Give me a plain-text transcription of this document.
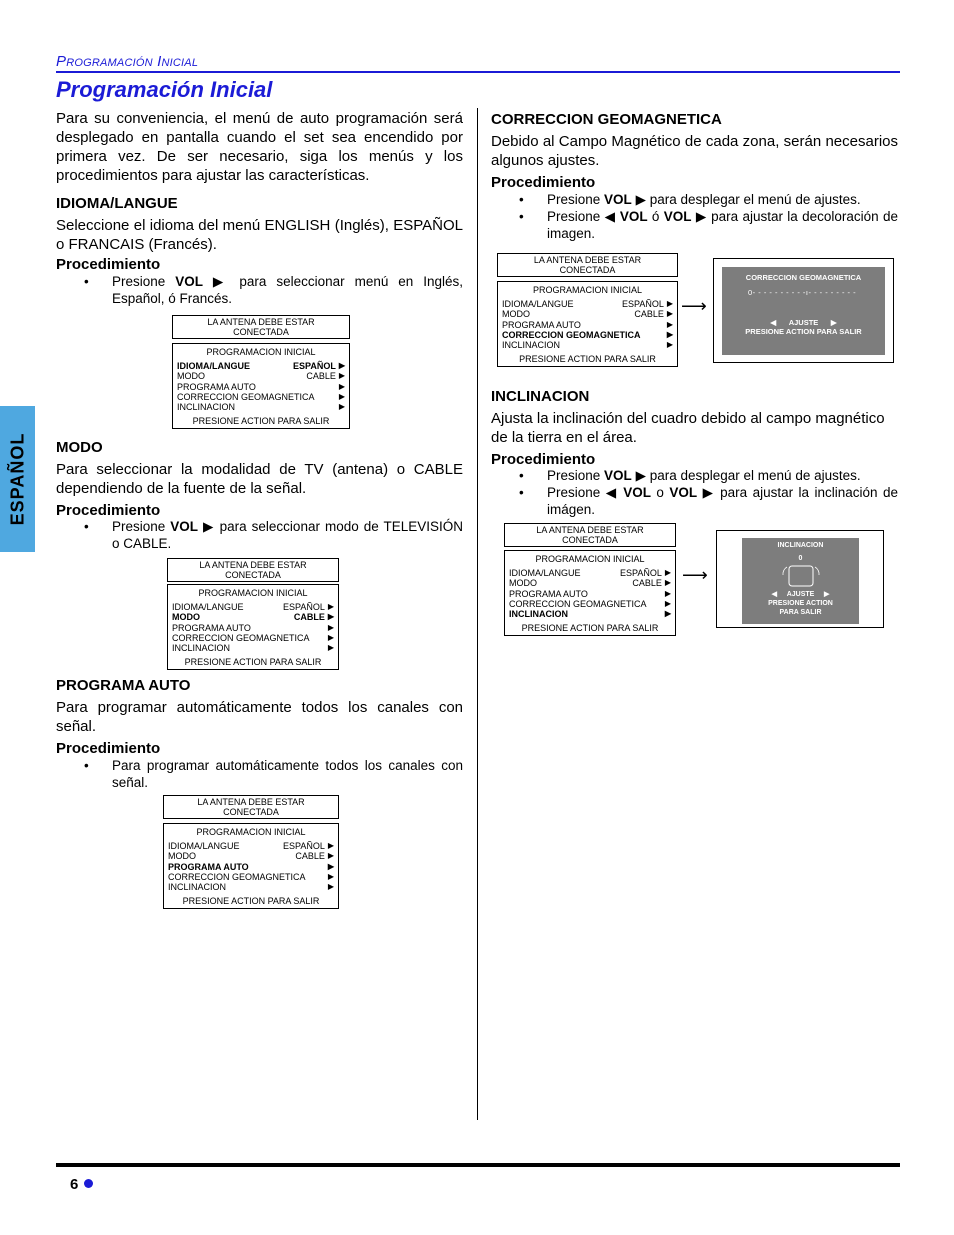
Programación Inicial
Programación Inicial
ESPAÑOL

Para su conveniencia, el menú de auto programación será desplegado en pantalla cuando el set sea encendido por primera vez. De ser necesario, siga los menús y los procedimientos para ajustar las características.

IDIOMA/LANGUE

Seleccione el idioma del menú ENGLISH (Inglés), ESPAÑOL o FRANCAIS (Francés).

Procedimiento
• Presione VOL ▶ para seleccionar menú en Inglés, Español, ó Francés.
LA ANTENA DEBE ESTAR
CONECTADA
PROGRAMACION INICIAL
IDIOMA/LANGUE	ESPAÑOL ▶
MODO	CABLE ▶
PROGRAMA AUTO	▶
CORRECCION GEOMAGNETICA	▶
INCLINACION	▶
PRESIONE ACTION PARA SALIR
MODO

Para seleccionar la modalidad de TV (antena) o CABLE dependiendo de la fuente de la señal.

Procedimiento
• Presione VOL ▶ para seleccionar modo de TELEVISIÓN o CABLE.
LA ANTENA DEBE ESTAR
CONECTADA
PROGRAMACION INICIAL
IDIOMA/LANGUE	ESPAÑOL ▶
MODO	CABLE ▶
PROGRAMA AUTO	▶
CORRECCION GEOMAGNETICA ▶
INCLINACION	▶
PRESIONE ACTION PARA SALIR
PROGRAMA AUTO

Para programar automáticamente todos los canales con señal.

Procedimiento
• Para programar automáticamente todos los canales con señal.
LA ANTENA DEBE ESTAR
CONECTADA
PROGRAMACION INICIAL
IDIOMA/LANGUE	ESPAÑOL ▶
MODO	CABLE ▶
PROGRAMA AUTO	▶
CORRECCION GEOMAGNETICA	▶
INCLINACION	▶
PRESIONE ACTION PARA SALIR
CORRECCION GEOMAGNETICA

Debido al Campo Magnético de cada zona, serán necesarios algunos ajustes.

Procedimiento
• Presione VOL ▶ para desplegar el menú de ajustes.
• Presione ◀ VOL ó VOL ▶ para ajustar la decoloración de imagen.
LA ANTENA DEBE ESTAR
CONECTADA
PROGRAMACION INICIAL
IDIOMA/LANGUE	ESPAÑOL ▶
MODO	CABLE ▶
PROGRAMA AUTO	▶
CORRECCION GEOMAGNETICA	▶
INCLINACION	▶
PRESIONE ACTION PARA SALIR
⟶
CORRECCION GEOMAGNETICA
0- - - - - - - - - -ı- - - - - - - - -
◀ AJUSTE ▶
PRESIONE ACTION PARA SALIR
INCLINACION

Ajusta la inclinación del cuadro debido al campo magnético de la tierra en el área.

Procedimiento
• Presione VOL ▶ para desplegar el menú de ajustes.
• Presione ◀ VOL o VOL ▶ para ajustar la inclinación de imágen.
LA ANTENA DEBE ESTAR
CONECTADA
PROGRAMACION INICIAL
IDIOMA/LANGUE	ESPAÑOL ▶
MODO	CABLE ▶
PROGRAMA AUTO	▶
CORRECCION GEOMAGNETICA ▶
INCLINACION	▶
PRESIONE ACTION PARA SALIR
⟶
INCLINACION
0
◀ AJUSTE ▶
PRESIONE ACTION
PARA SALIR
6
